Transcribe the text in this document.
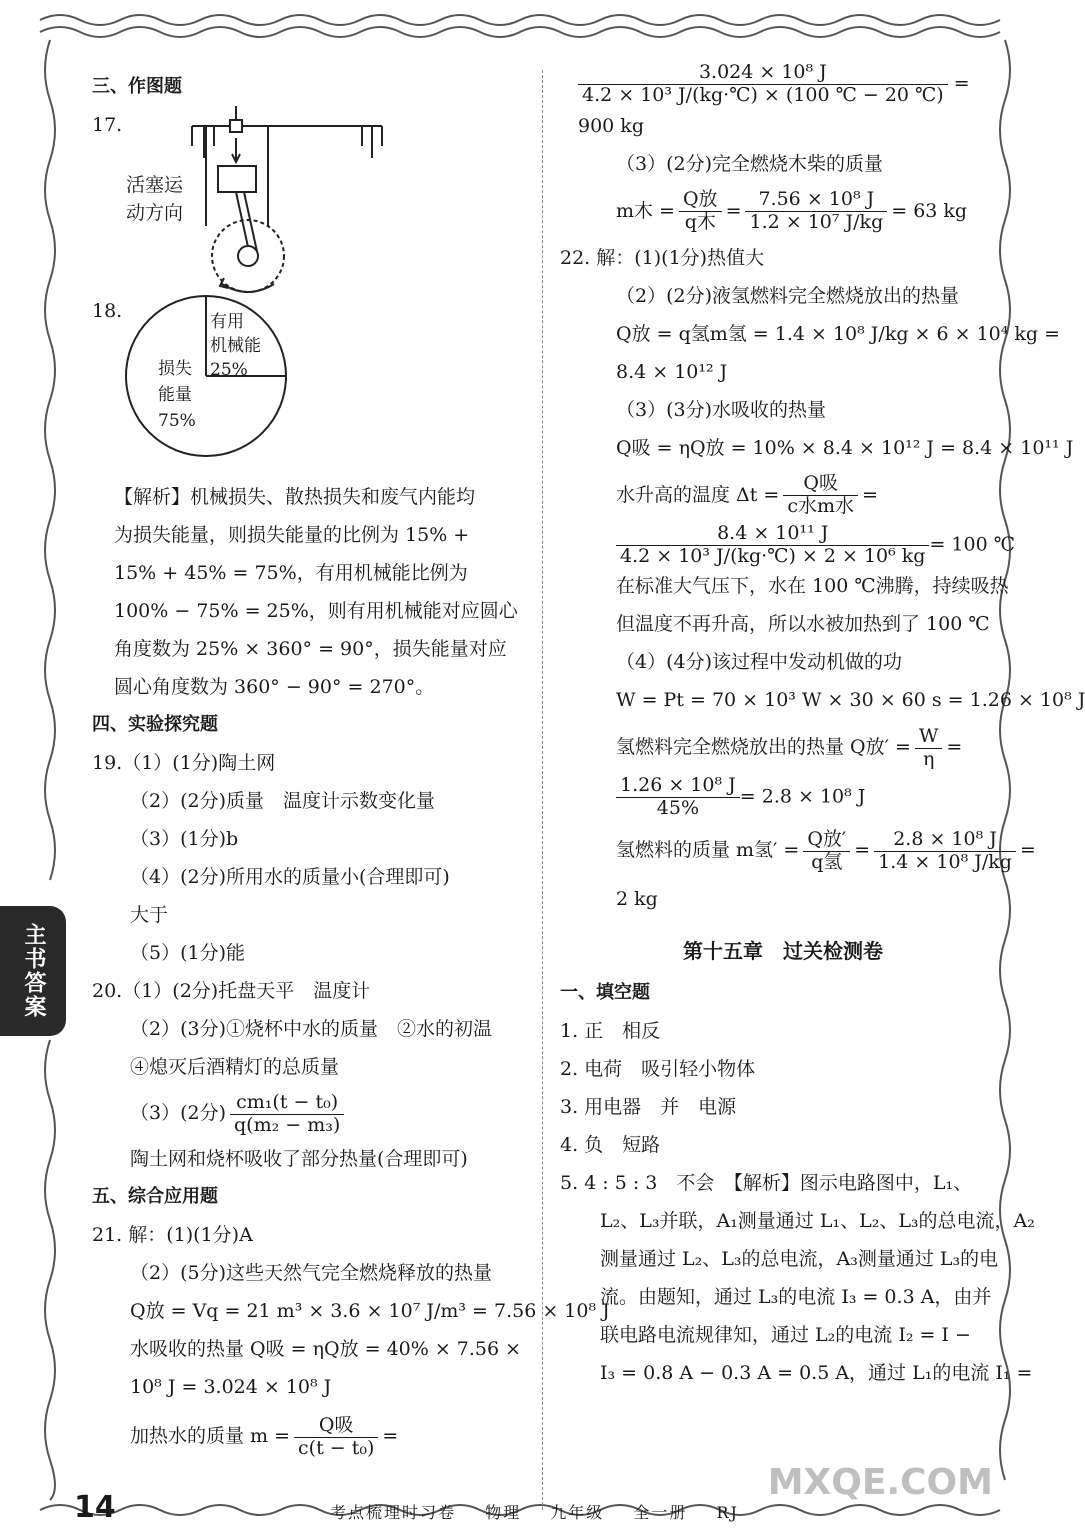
主书答案
三、作图题
17.
活塞运
动方向
18.	有用
机械能
25%
损失
能量
75%
【解析】机械损失、散热损失和废气内能均
为损失能量，则损失能量的比例为 15% +
15% + 45% = 75%，有用机械能比例为
100% − 75% = 25%，则有用机械能对应圆心
角度数为 25% × 360° = 90°，损失能量对应
圆心角度数为 360° − 90° = 270°。
四、实验探究题
19.（1）(1分)陶土网
（2）(2分)质量　温度计示数变化量
（3）(1分)b
（4）(2分)所用水的质量小(合理即可)
大于
（5）(1分)能
20.（1）(2分)托盘天平　温度计
（2）(3分)①烧杯中水的质量　②水的初温
④熄灭后酒精灯的总质量
（3）(2分) $\frac{\text{cm₁(t − t₀)}}{\text{q(m₂ − m₃)}}$
陶土网和烧杯吸收了部分热量(合理即可)
五、综合应用题
21. 解：(1)(1分)A
（2）(5分)这些天然气完全燃烧释放的热量
Q放 = Vq = 21 m³ × 3.6 × 10⁷ J/m³ = 7.56 × 10⁸ J
水吸收的热量 Q吸 = ηQ放 = 40% × 7.56 ×
10⁸ J = 3.024 × 10⁸ J
加热水的质量 $m = \frac{\text{Q吸}}{\text{c(t − t₀)}}$ =
$\frac{\text{3.024 × 10⁸ J}}{\text{4.2 × 10³ J/(kg·℃) × (100 ℃ − 20 ℃)}}$ =
900 kg
（3）(2分)完全燃烧木柴的质量
m木 = $\frac{\text{Q放}}{\text{q木}} = \frac{\text{7.56 × 10⁸ J}}{\text{1.2 × 10⁷ J/kg}} = 63$ kg
22. 解：(1)(1分)热值大
（2）(2分)液氢燃料完全燃烧放出的热量
Q放 = q氢m氢 = 1.4 × 10⁸ J/kg × 6 × 10⁴ kg =
8.4 × 10¹² J
（3）(3分)水吸收的热量
Q吸 = ηQ放 = 10% × 8.4 × 10¹² J = 8.4 × 10¹¹ J
水升高的温度 $\Delta t = \frac{\text{Q吸}}{\text{c水m水}}$ =
$\frac{\text{8.4 × 10¹¹ J}}{\text{4.2 × 10³ J/(kg·℃) × 2 × 10⁶ kg}} = 100$ ℃
在标准大气压下，水在 100 ℃沸腾，持续吸热
但温度不再升高，所以水被加热到了 100 ℃
（4）(4分)该过程中发动机做的功
W = Pt = 70 × 10³ W × 30 × 60 s = 1.26 × 10⁸ J
氢燃料完全燃烧放出的热量 Q放′ = $\frac{W}{\eta}$ =
$\frac{\text{1.26 × 10⁸ J}}{45\%} = 2.8 \times 10^8$ J
氢燃料的质量 m氢′ = $\frac{\text{Q放′}}{\text{q氢}} = \frac{\text{2.8 × 10⁸ J}}{\text{1.4 × 10⁸ J/kg}}$ =
2 kg
第十五章　过关检测卷
一、填空题
1. 正　相反
2. 电荷　吸引轻小物体
3. 用电器　并　电源
4. 负　短路
5. 4 : 5 : 3　不会　【解析】图示电路图中，L₁、
L₂、L₃并联，A₁测量通过 L₁、L₂、L₃的总电流，A₂
测量通过 L₂、L₃的总电流，A₃测量通过 L₃的电
流。由题知，通过 L₃的电流 I₃ = 0.3 A，由并
联电路电流规律知，通过 L₂的电流 I₂ = I −
I₃ = 0.8 A − 0.3 A = 0.5 A，通过 L₁的电流 I₁ =
14	考点梳理时习卷 物理 九年级 全一册 RJ
MXQE.COM
